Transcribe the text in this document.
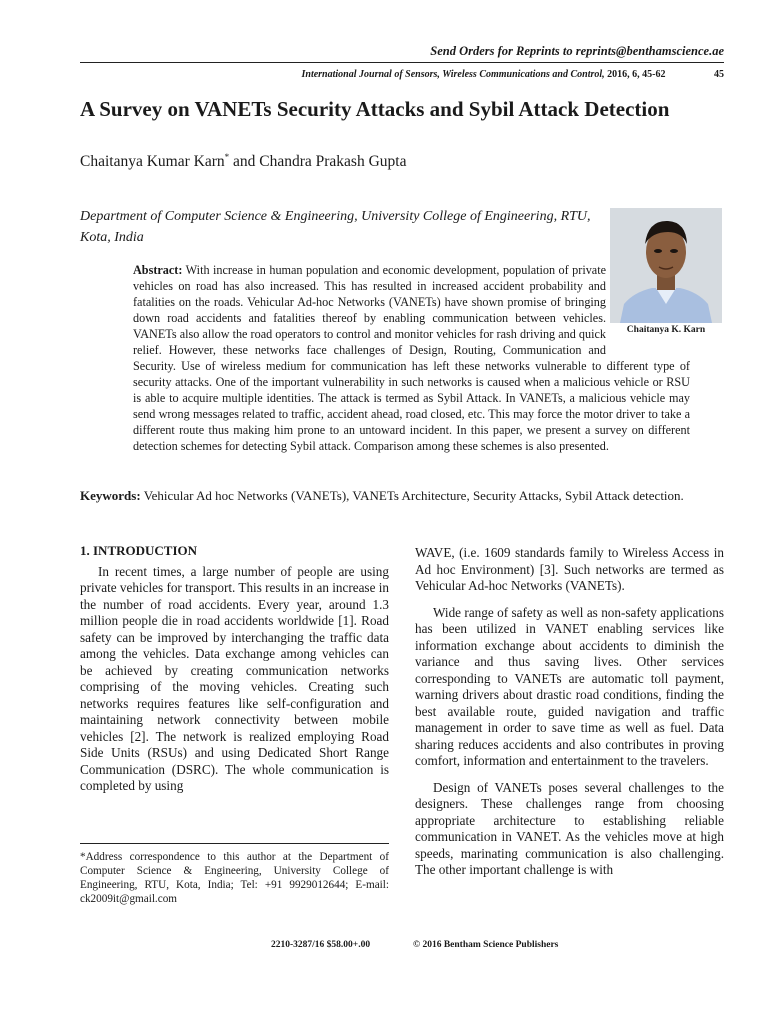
Send Orders for Reprints to reprints@benthamscience.ae
International Journal of Sensors, Wireless Communications and Control, 2016, 6, 45-62	45
A Survey on VANETs Security Attacks and Sybil Attack Detection
Chaitanya Kumar Karn* and Chandra Prakash Gupta
Department of Computer Science & Engineering, University College of Engineering, RTU, Kota, India
Chaitanya K. Karn
Abstract: With increase in human population and economic development, population of private vehicles on road has also increased. This has resulted in increased accident probability and fatalities on the roads. Vehicular Ad-hoc Networks (VANETs) have shown promise of bringing down road accidents and fatalities thereof by enabling communication between vehicles. VANETs also allow the road operators to control and monitor vehicles for rash driving and quick relief. However, these networks face challenges of Design, Routing, Communication and Security. Use of wireless medium for communication has left these networks vulnerable to different type of security attacks. One of the important vulnerability in such networks is caused when a malicious vehicle or RSU is able to acquire multiple identities. The attack is termed as Sybil Attack. In VANETs, a malicious vehicle may send wrong messages related to traffic, accident ahead, road closed, etc. This may force the motor driver to take a different route thus making him prone to an untoward incident. In this paper, we present a survey on different detection schemes for detecting Sybil attack. Comparison among these schemes is also presented.
Keywords: Vehicular Ad hoc Networks (VANETs), VANETs Architecture, Security Attacks, Sybil Attack detection.
1. INTRODUCTION

In recent times, a large number of people are using private vehicles for transport. This results in an increase in the number of road accidents. Every year, around 1.3 million people die in road accidents worldwide [1]. Road safety can be improved by interchanging the traffic data among the vehicles. Data exchange among vehicles can be achieved by creating communication networks comprising of the moving vehicles. Creating such networks requires features like self-configuration and maintaining network connectivity between mobile vehicles [2]. The network is realized employing Road Side Units (RSUs) and using Dedicated Short Range Communication (DSRC). The whole communication is completed by using

*Address correspondence to this author at the Department of Computer Science & Engineering, University College of Engineering, RTU, Kota, India; Tel: +91 9929012644; E-mail: ck2009it@gmail.com

WAVE, (i.e. 1609 standards family to Wireless Access in Ad hoc Environment) [3]. Such networks are termed as Vehicular Ad-hoc Networks (VANETs).

Wide range of safety as well as non-safety applications has been utilized in VANET enabling services like information exchange about accidents to diminish the variance and thus saving lives. Other services corresponding to VANETs are automatic toll payment, warning drivers about drastic road conditions, finding the best available route, guided navigation and traffic management in order to save time as well as fuel. Data sharing reduces accidents and also contributes in proving comfort, information and entertainment to the travelers.

Design of VANETs poses several challenges to the designers. These challenges range from choosing appropriate architecture to establishing reliable communication in VANET. As the vehicles move at high speeds, marinating communication is also challenging. The other important challenge is with

2210-3287/16 $58.00+.00	© 2016 Bentham Science Publishers
